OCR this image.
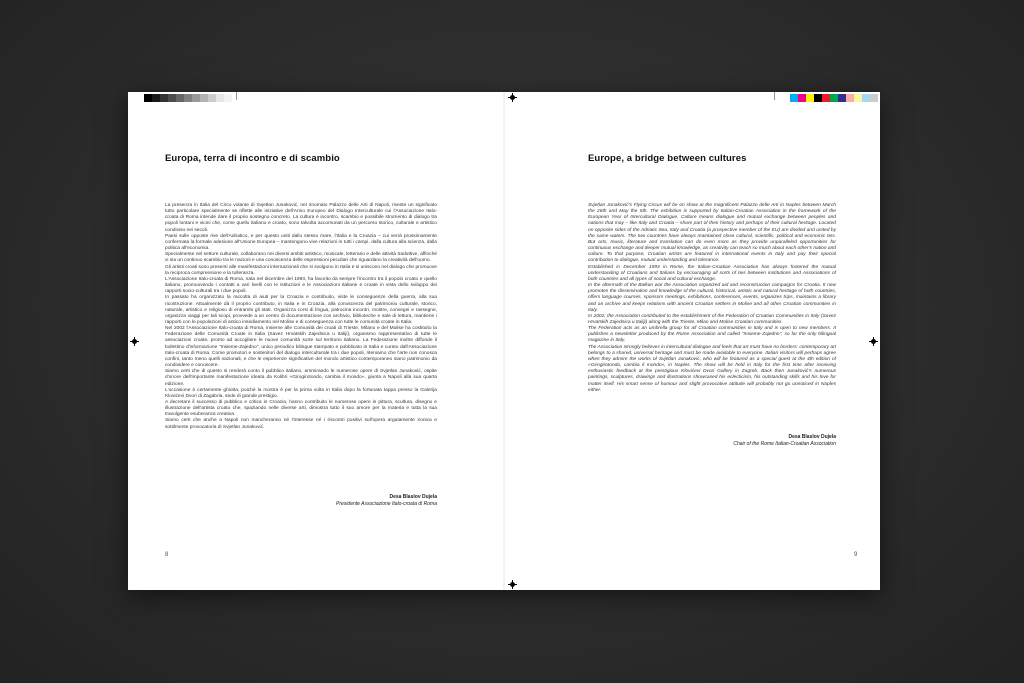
Europa, terra di incontro e di scambio

La presenza in Italia del Circo volante di Svjetlan Junaković, nel rinomato Palazzo delle Arti di Napoli, riveste un significato tutto particolare specialmente se riflette alle iniziative dell'Anno Europeo del Dialogo Interculturale cui l'Associazione Italo-croata di Roma intende dare il proprio sostegno concreto. La cultura è incontro, scambio e possibile strumento di dialogo tra popoli lontani e vicini che, come quello italiano e croato, sono talvolta accomunati da un percorso storico, culturale e artistico condiviso nei secoli.

Paesi sulle opposte rive dell'Adriatico, e per questo uniti dallo stesso mare, l'Italia e la Croazia – cui verrà prossimamente confermata la formale adesione all'Unione Europea – mantengono vive relazioni in tutti i campi, dalla cultura alla scienza, dalla politica all'economia.

Specialmente nel settore culturale, collaborano nei diversi ambiti artistico, musicale, letterario e delle attività traduttive, affinché vi sia un continuo scambio tra le nazioni e una conoscenza delle espressioni peculiari che riguardano la creatività dell'uomo.

Gli artisti croati sono presenti alle manifestazioni internazionali che si svolgono in Italia e si uniscono nel dialogo che promuove la reciproca comprensione e la tolleranza.

L'Associazione Italo-croata di Roma, nata nel dicembre del 1993, ha favorito da sempre l'incontro tra il popolo croato e quello italiano, promuovendo i contatti a vari livelli con le istituzioni e le Associazioni italiane e croate in vista dello sviluppo dei rapporti socio-culturali tra i due popoli.

In passato ha organizzato la raccolta di aiuti per la Croazia e contribuito, viste le conseguenze della guerra, alla sua ricostruzione. Attualmente dà il proprio contributo, in Italia e in Croazia, alla conoscenza del patrimonio culturale, storico, naturale, artistico e religioso di entrambi gli stati. Organizza corsi di lingua, patrocina incontri, mostre, convegni e rassegne, organizza viaggi per tali scopi, provvede a un centro di documentazione con archivio, biblioteche e sale di lettura, mantiene i rapporti con le popolazioni di antico insediamento nel Molise e di conseguenza con tutte le comunità croate in Italia.

Nel 2002 l'Associazione Italo-croata di Roma, insieme alle Comunità dei croati di Trieste, Milano e del Molise ha costituito la Federazione delle Comunità Croate in Italia (Savez Hrvatskih Zajednica u Italiji), organismo rappresentativo di tutte le associazioni croate, pronto ad accogliere le nuove comunità sorte sul territorio italiano. La Federazione inoltre diffonde il bollettino d'informazione "Insieme-Zajedno", unico periodico bilingue stampato e pubblicato in Italia e curato dall'Associazione Italo-croata di Roma. Come promotori e sostenitori del dialogo interculturale tra i due popoli, riteniamo che l'arte non conosca confini, tanto meno quelli nazionali, e che le esperienze significative del mondo artistico contemporaneo siano patrimonio da condividere e conoscere.

Siamo certi che di questo si renderà conto il pubblico italiano, ammirando le numerose opere di Svjetlan Junaković, ospite d'onore dell'importante manifestazione ideata da Kolibri «Girogirotondo, cambia il mondo», giunta a Napoli alla sua quarta edizione.

L'occasione è certamente ghiotta, poiché la mostra è per la prima volta in Italia dopo la fortunata tappa presso la Galerija Klovićevi Dvori di Zagabria, sede di grande prestigio.

A decretare il successo di pubblico e critica in Croazia, hanno contribuito le numerose opere in pittura, scultura, disegno e illustrazione dell'artista croato che, spaziando nelle diverse arti, dimostra tutto il suo amore per la materia e tutta la sua travolgente esuberanza creativa.

Siamo certi che anche a Napoli non mancheranno né l'interesse né i riscontri positivi sull'opera argutamente ironica e sottilmente provocatoria di Svjetlan Junaković.

Desa Blaslov Dujela
Presidente Associazione Italo-croata di Roma
8
Europe, a bridge between cultures

Svjetlan Junaković's Flying Circus will be on show at the magnificent Palazzo delle Arti in Naples between March the 26th and May the 5th. The exhibition is supported by Italian-Croatian Association in the framework of the European Year of Intercultural Dialogue. Culture means dialogue and mutual exchange between peoples and nations that may – like Italy and Croatia – share part of their history and perhaps of their cultural heritage. Located on opposite sides of the Adriatic Sea, Italy and Croatia (a prospective member of the EU) are divided and united by the same waters. The two countries have always maintained close cultural, scientific, political and economic ties. But arts, music, literature and translation can do even more as they provide unparalleled opportunities for continuous exchange and deeper mutual knowledge, as creativity can teach so much about each other's nation and culture. To that purpose, Croatian artists are featured in international events in Italy and pay their special contribution to dialogue, mutual understanding and tolerance.

Established in December 1993 in Rome, the Italian-Croatian Association has always fostered the mutual understanding of Croatians and Italians by encouraging all sorts of ties between institutions and Associations of both countries and all types of social and cultural exchange.

In the aftermath of the Balkan war the Association organized aid and reconstruction campaigns for Croatia. It now promotes the dissemination and knowledge of the cultural, historical, artistic and natural heritage of both countries, offers language courses, sponsors meetings, exhibitions, conferences, events, organizes trips, maintains a library and an archive and keeps relations with ancient Croatian settlers in Molise and all other Croatian communities in Italy.

In 2002, the Association contributed to the establishment of the Federation of Croatian Communities in Italy (Savez Hrvatskih Zajednica u Italiji) along with the Trieste, Milan and Molise Croatian communities.

The Federation acts as an umbrella group for all Croatian communities in Italy and is open to new members. It publishes a newsletter produced by the Rome Association and called "Insieme-Zajedno", so far the only bilingual magazine in Italy.

The Association strongly believes in intercultural dialogue and feels that art must have no borders: contemporary art belongs to a shared, universal heritage and must be made available to everyone. Italian visitors will perhaps agree when they admire the works of Svjetlan Junaković, who will be featured as a special guest at the 4th edition of «Girogirotondo, cambia il mondo», in Naples. The show will be held in Italy for the first time after receiving enthusiastic feedback at the prestigious Klovićevi Dvori Gallery in Zagreb. Back then Junaković's numerous paintings, sculptures, drawings and illustrations showcased his eclecticism, his outstanding skills and his love for matter itself. His smart sense of humour and slight provocative attitude will probably not go unnoticed in Naples either.

Desa Blaslov Dujela
Chair of the Rome Italian-Croatian Association
9
